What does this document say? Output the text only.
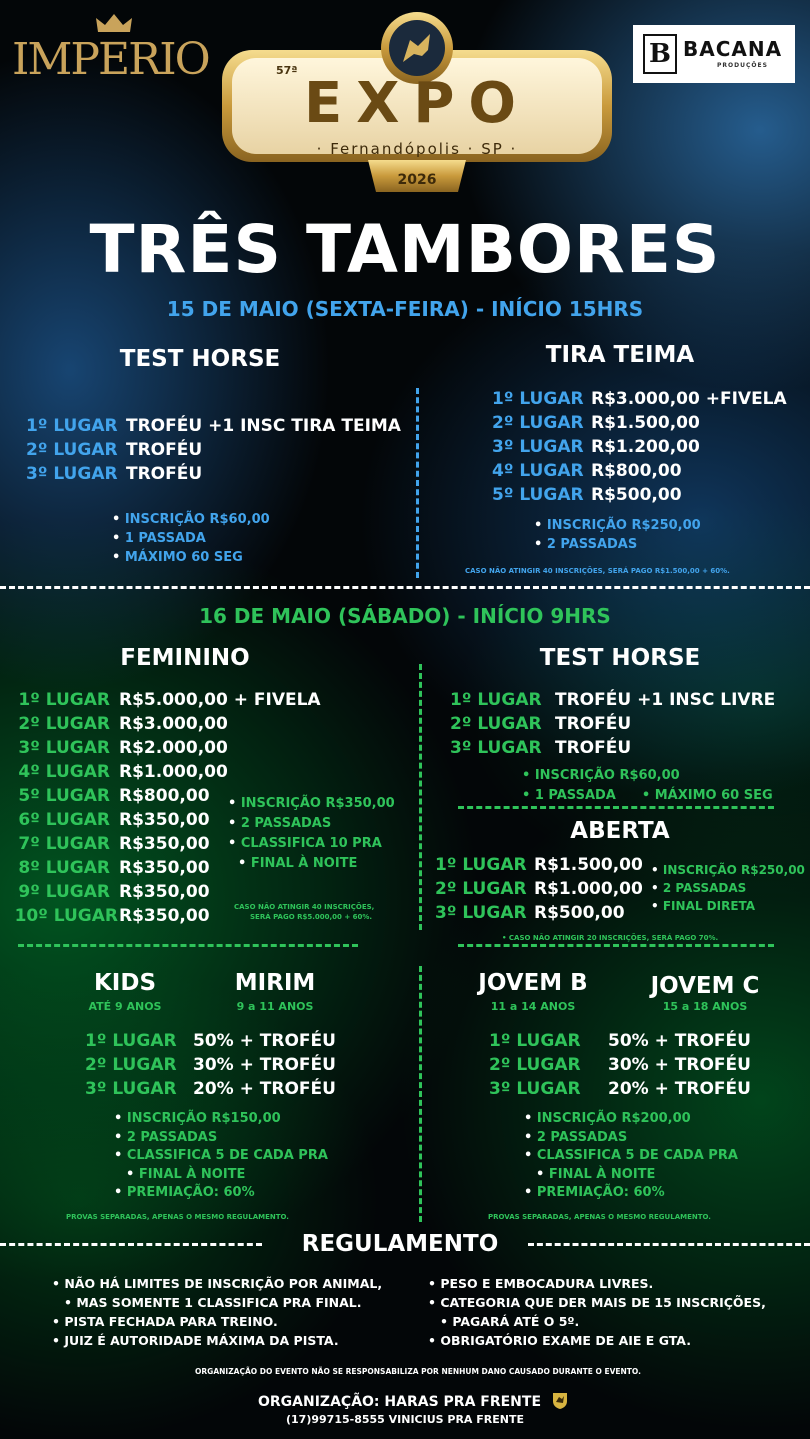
IMPERIO	57ª
EXPO
· Fernandópolis · SP ·
2026
B BACANA
PRODUÇÕES
TRÊS TAMBORES
15 DE MAIO (SEXTA-FEIRA) - INÍCIO 15HRS
TEST HORSE	TIRA TEIMA
1º LUGAR TROFÉU +1 INSC TIRA TEIMA
2º LUGAR TROFÉU
3º LUGAR TROFÉU
• INSCRIÇÃO R$60,00
• 1 PASSADA
• MÁXIMO 60 SEG
1º LUGAR R$3.000,00 +FIVELA
2º LUGAR R$1.500,00
3º LUGAR R$1.200,00
4º LUGAR R$800,00
5º LUGAR R$500,00
• INSCRIÇÃO R$250,00
• 2 PASSADAS
CASO NÃO ATINGIR 40 INSCRIÇÕES, SERÁ PAGO R$1.500,00 + 60%.
16 DE MAIO (SÁBADO) - INÍCIO 9HRS
FEMININO	TEST HORSE
1º LUGAR R$5.000,00 + FIVELA
2º LUGAR R$3.000,00
3º LUGAR R$2.000,00
4º LUGAR R$1.000,00
5º LUGAR R$800,00
6º LUGAR R$350,00
7º LUGAR R$350,00
8º LUGAR R$350,00
9º LUGAR R$350,00
10º LUGAR R$350,00
• INSCRIÇÃO R$350,00
• 2 PASSADAS
• CLASSIFICA 10 PRA
• FINAL À NOITE
CASO NÃO ATINGIR 40 INSCRIÇÕES,
SERÁ PAGO R$5.000,00 + 60%.
1º LUGAR TROFÉU +1 INSC LIVRE
2º LUGAR TROFÉU
3º LUGAR TROFÉU
• INSCRIÇÃO R$60,00
• 1 PASSADA • MÁXIMO 60 SEG
ABERTA
1º LUGAR R$1.500,00
2º LUGAR R$1.000,00
3º LUGAR R$500,00
• INSCRIÇÃO R$250,00
• 2 PASSADAS
• FINAL DIRETA
• CASO NÃO ATINGIR 20 INSCRIÇÕES, SERÁ PAGO 70%.
KIDS
ATÉ 9 ANOS
MIRIM
9 a 11 ANOS
1º LUGAR 50% + TROFÉU
2º LUGAR 30% + TROFÉU
3º LUGAR 20% + TROFÉU
• INSCRIÇÃO R$150,00
• 2 PASSADAS
• CLASSIFICA 5 DE CADA PRA
• FINAL À NOITE
• PREMIAÇÃO: 60%
PROVAS SEPARADAS, APENAS O MESMO REGULAMENTO.
JOVEM B
11 a 14 ANOS
JOVEM C
15 a 18 ANOS
1º LUGAR	50% + TROFÉU
2º LUGAR	30% + TROFÉU
3º LUGAR	20% + TROFÉU
• INSCRIÇÃO R$200,00
• 2 PASSADAS
• CLASSIFICA 5 DE CADA PRA
• FINAL À NOITE
• PREMIAÇÃO: 60%
PROVAS SEPARADAS, APENAS O MESMO REGULAMENTO.
REGULAMENTO
• NÃO HÁ LIMITES DE INSCRIÇÃO POR ANIMAL,
• MAS SOMENTE 1 CLASSIFICA PRA FINAL.
• PISTA FECHADA PARA TREINO.
• JUIZ É AUTORIDADE MÁXIMA DA PISTA.
• PESO E EMBOCADURA LIVRES.
• CATEGORIA QUE DER MAIS DE 15 INSCRIÇÕES,
• PAGARÁ ATÉ O 5º.
• OBRIGATÓRIO EXAME DE AIE E GTA.
ORGANIZAÇÃO DO EVENTO NÃO SE RESPONSABILIZA POR NENHUM DANO CAUSADO DURANTE O EVENTO.
ORGANIZAÇÃO: HARAS PRA FRENTE
(17)99715-8555 VINICIUS PRA FRENTE
